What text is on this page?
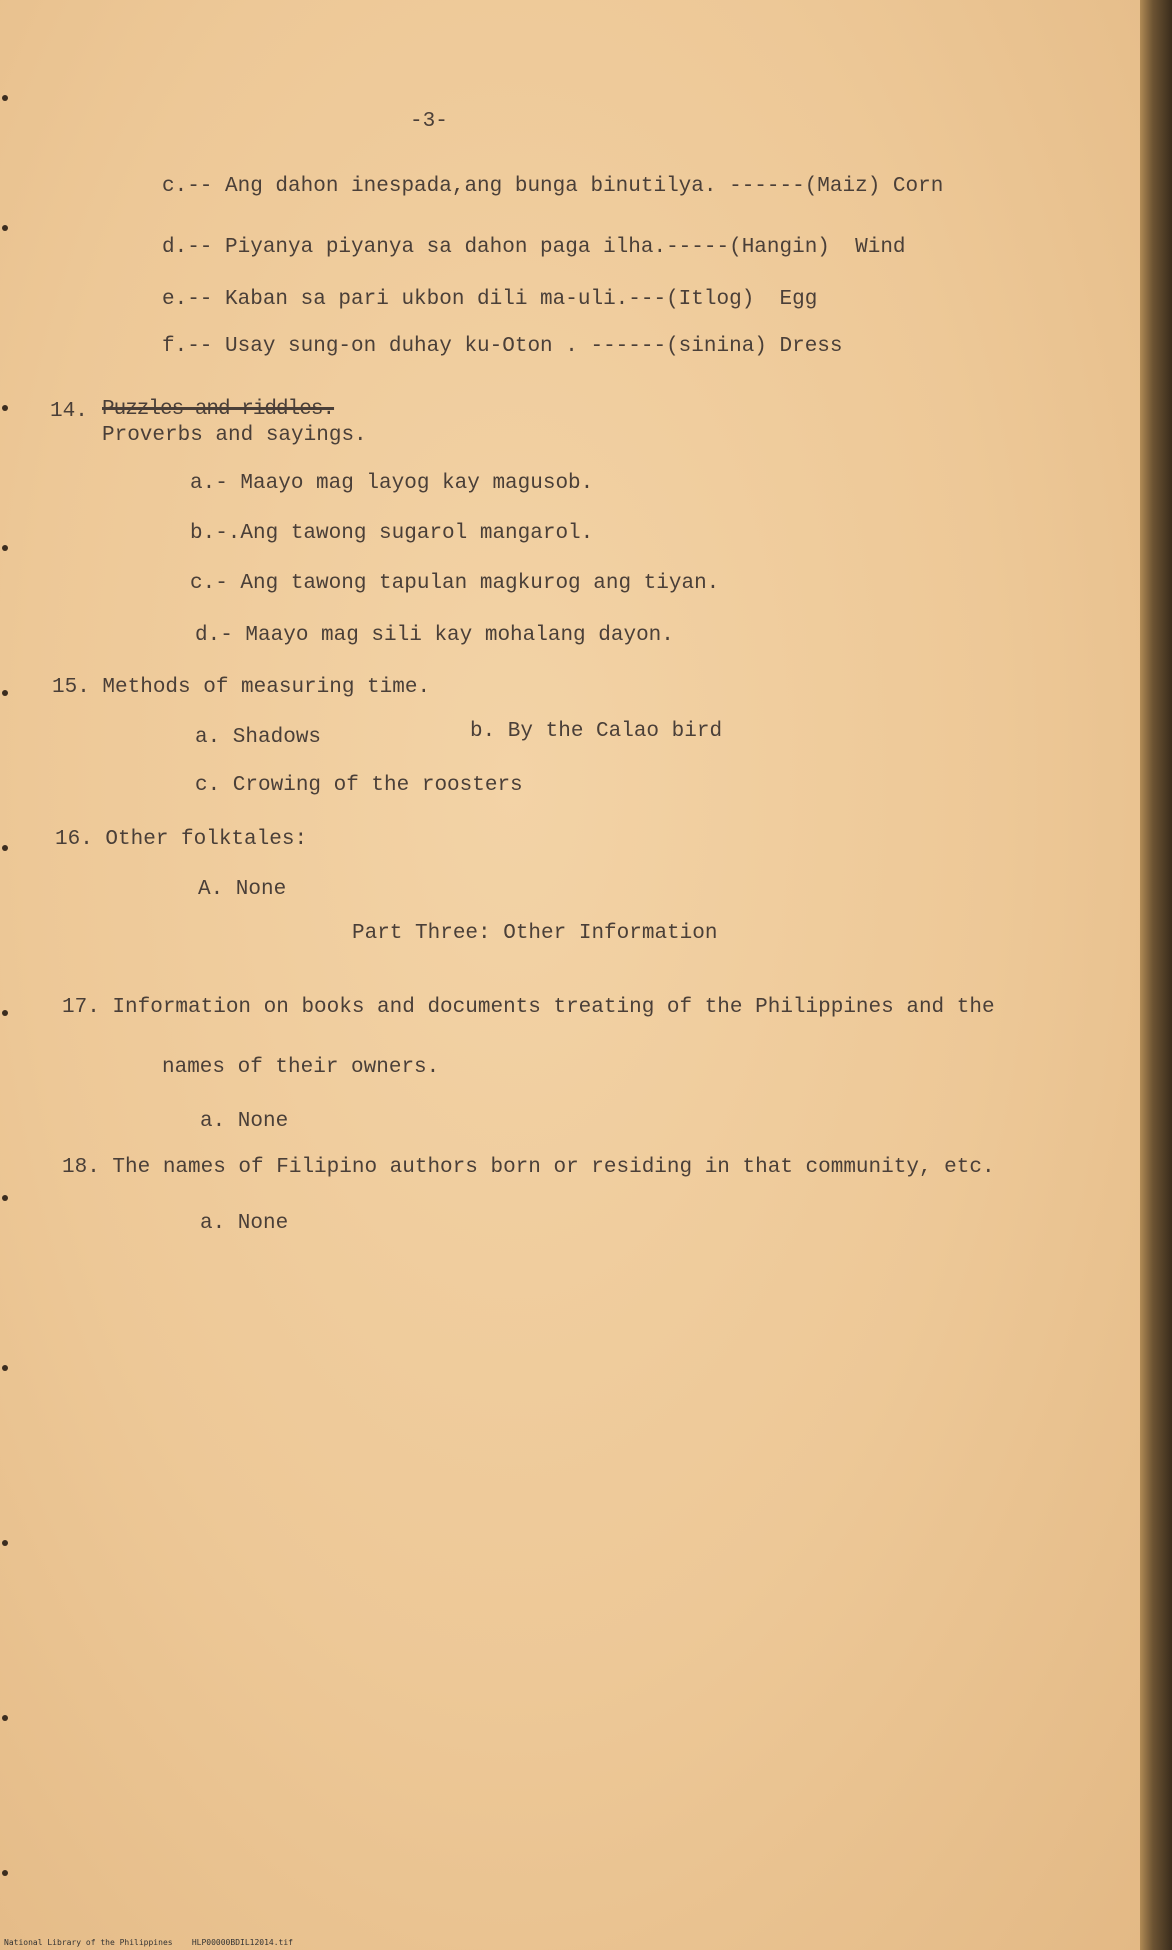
-3-
c.-- Ang dahon inespada,ang bunga binutilya. ------(Maiz) Corn
d.-- Piyanya piyanya sa dahon paga ilha.-----(Hangin)  Wind
e.-- Kaban sa pari ukbon dili ma-uli.---(Itlog)  Egg
f.-- Usay sung-on duhay ku-Oton . ------(sinina) Dress
14. Puzzles and riddles.
Proverbs and sayings.
a.- Maayo mag layog kay magusob.
b.-.Ang tawong sugarol mangarol.
c.- Ang tawong tapulan magkurog ang tiyan.
d.- Maayo mag sili kay mohalang dayon.
15. Methods of measuring time.
a. Shadows	b. By the Calao bird
c. Crowing of the roosters
16. Other folktales:
A. None
Part Three: Other Information
17. Information on books and documents treating of the Philippines and the
names of their owners.
a. None
18. The names of Filipino authors born or residing in that community, etc.
a. None
National Library of the Philippines    HLP00000BDIL12014.tif
